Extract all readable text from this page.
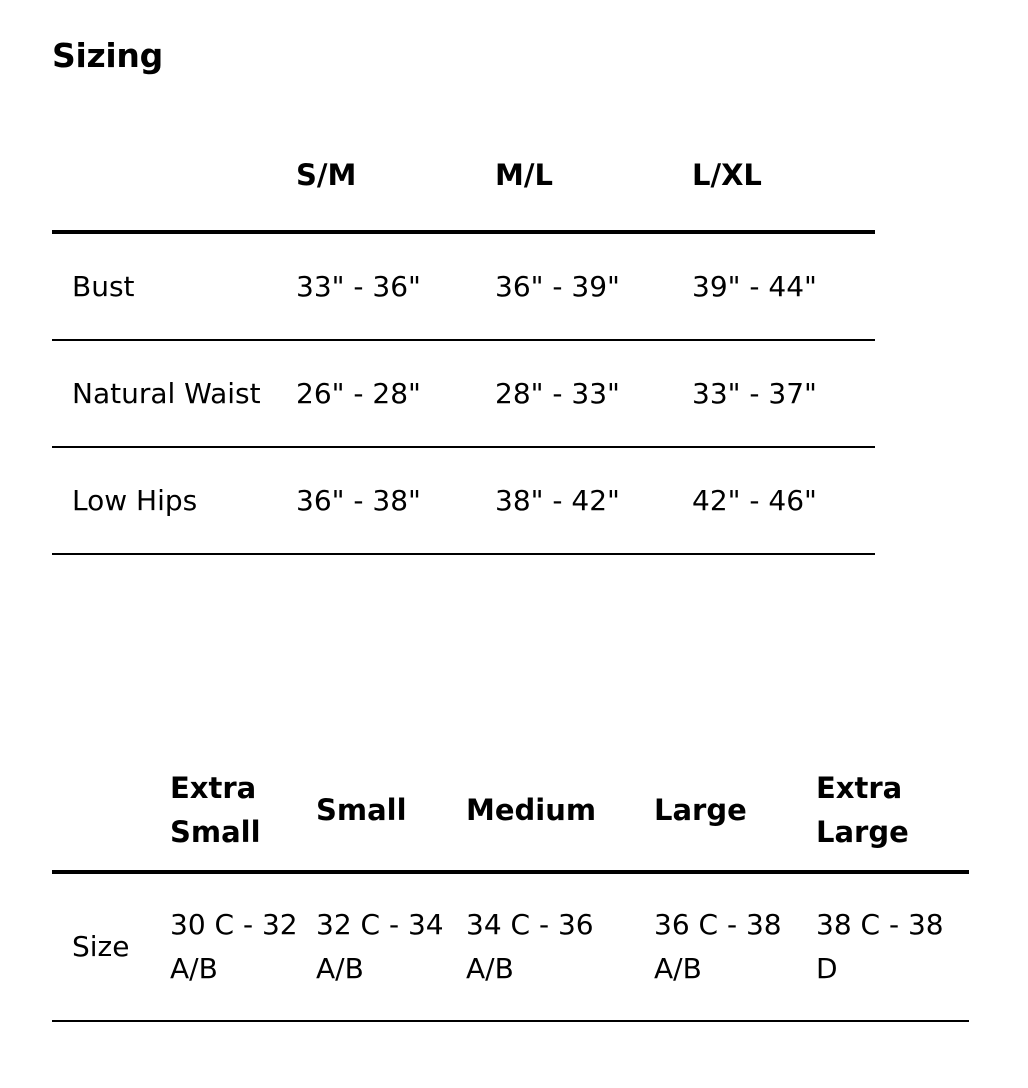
Sizing
	S/M	M/L	L/XL
Bust	33" - 36"	36" - 39"	39" - 44"
Natural Waist	26" - 28"	28" - 33"	33" - 37"
Low Hips	36" - 38"	38" - 42"	42" - 46"
	Extra Small	Small	Medium	Large	Extra Large
Size	30 C - 32 A/B	32 C - 34 A/B	34 C - 36 A/B	36 C - 38 A/B	38 C - 38 D
